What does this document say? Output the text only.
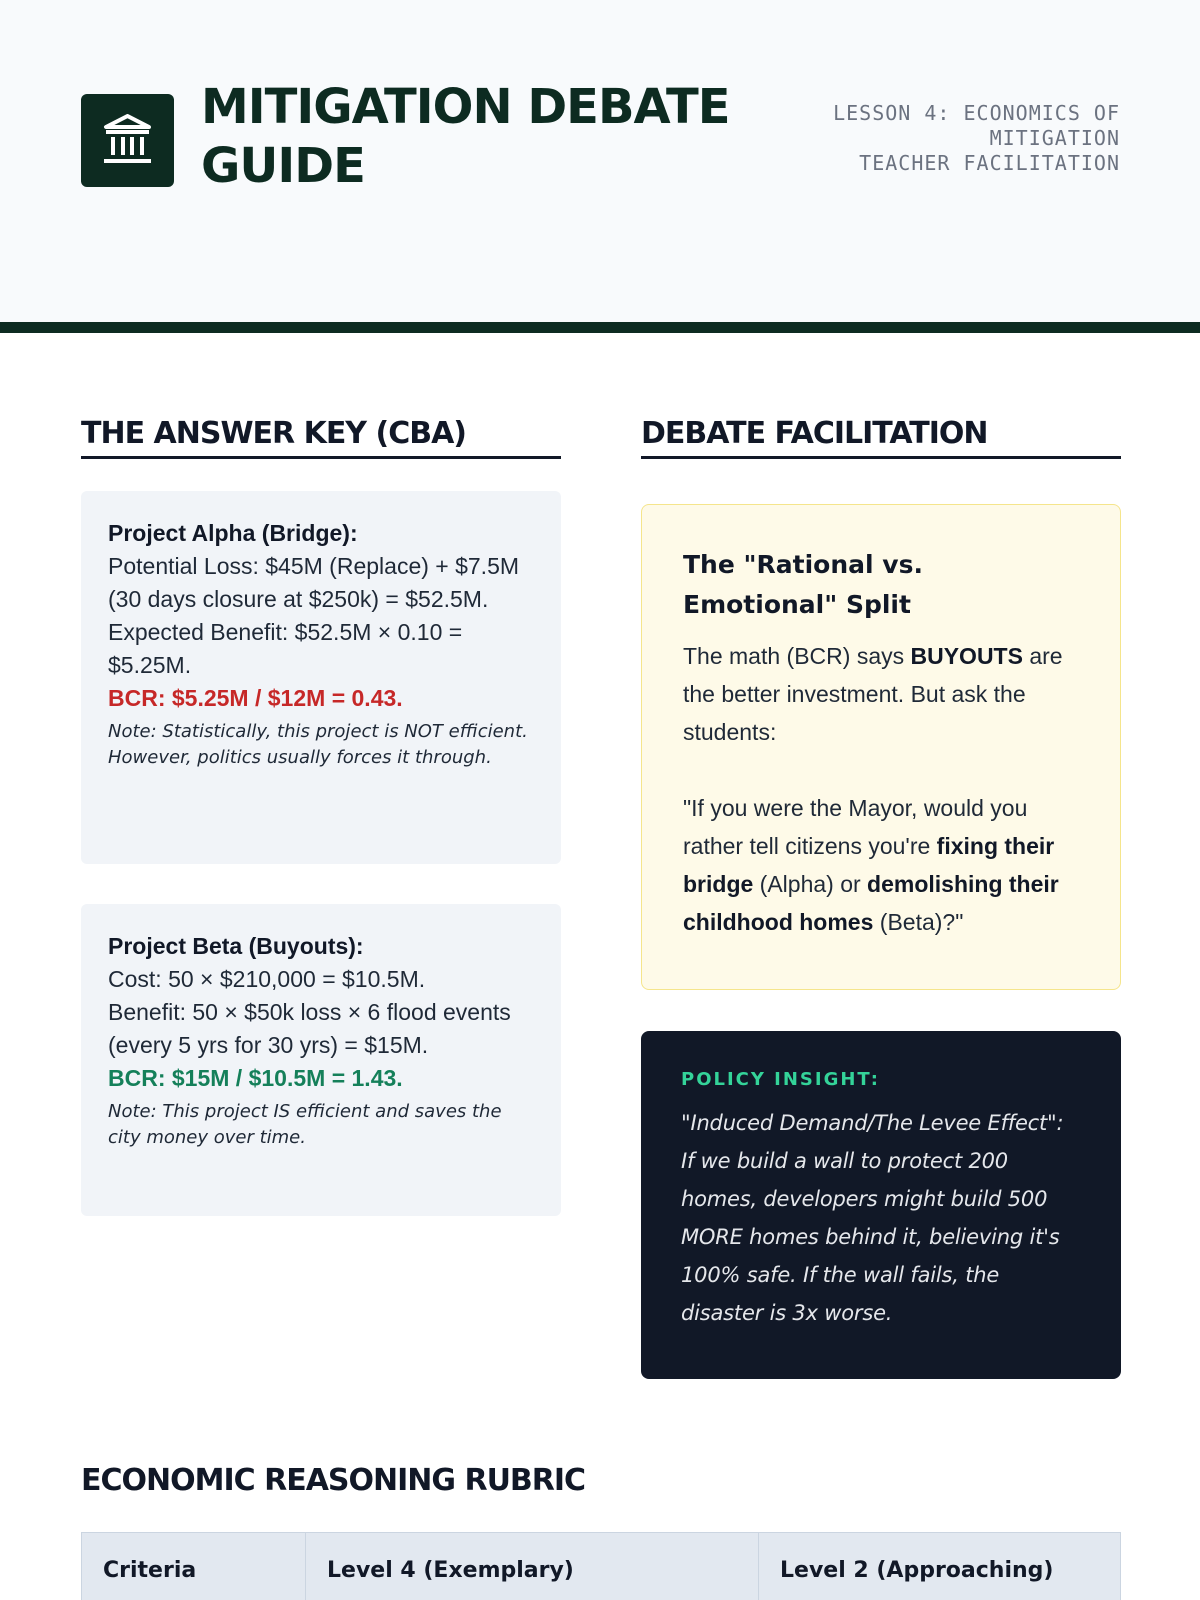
MITIGATION DEBATE GUIDE
LESSON 4: ECONOMICS OF
MITIGATION
TEACHER FACILITATION
THE ANSWER KEY (CBA)

Project Alpha (Bridge):

Potential Loss: $45M (Replace) + $7.5M (30 days closure at $250k) = $52.5M.

Expected Benefit: $52.5M × 0.10 = $5.25M.

BCR: $5.25M / $12M = 0.43.

Note: Statistically, this project is NOT efficient. However, politics usually forces it through.

Project Beta (Buyouts):

Cost: 50 × $210,000 = $10.5M.

Benefit: 50 × $50k loss × 6 flood events (every 5 yrs for 30 yrs) = $15M.

BCR: $15M / $10.5M = 1.43.

Note: This project IS efficient and saves the city money over time.

DEBATE FACILITATION
The "Rational vs. Emotional" Split

The math (BCR) says BUYOUTS are the better investment. But ask the students:

"If you were the Mayor, would you rather tell citizens you're fixing their bridge (Alpha) or demolishing their childhood homes (Beta)?"

POLICY INSIGHT:
"Induced Demand/The Levee Effect": If we build a wall to protect 200 homes, developers might build 500 MORE homes behind it, believing it's 100% safe. If the wall fails, the disaster is 3x worse.
ECONOMIC REASONING RUBRIC
Criteria	Level 4 (Exemplary)	Level 2 (Approaching)
